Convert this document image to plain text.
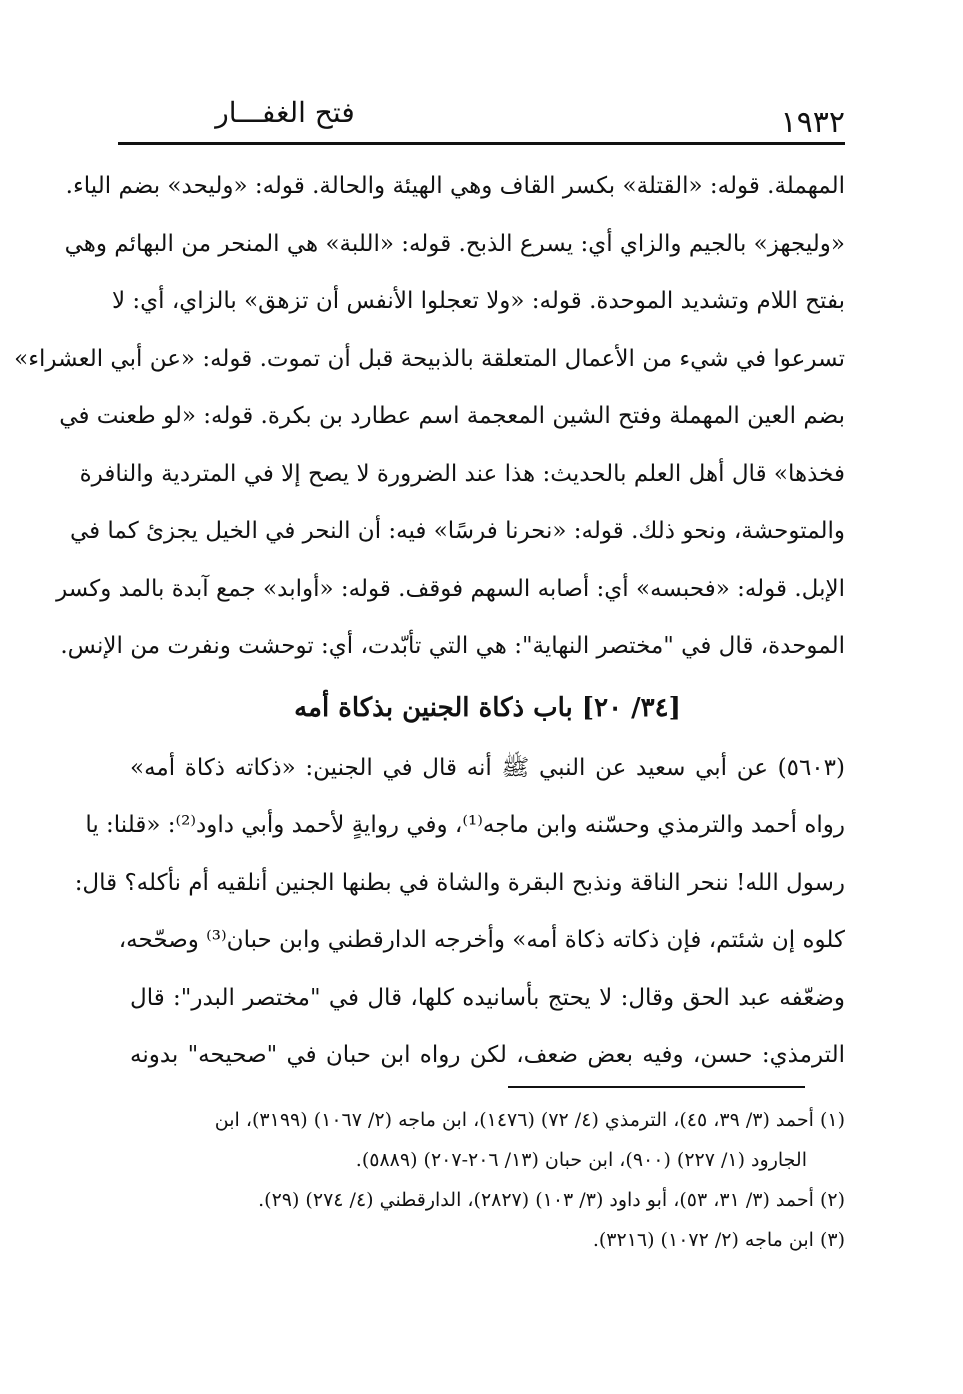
فتح الغفـــار	١٩٣٢
المهملة. قوله: «القتلة» بكسر القاف وهي الهيئة والحالة. قوله: «وليحد» بضم الياء.
«وليجهز» بالجيم والزاي أي: يسرع الذبح. قوله: «اللبة» هي المنحر من البهائم وهي
بفتح اللام وتشديد الموحدة. قوله: «ولا تعجلوا الأنفس أن تزهق» بالزاي، أي: لا
تسرعوا في شيء من الأعمال المتعلقة بالذبيحة قبل أن تموت. قوله: «عن أبي العشراء»
بضم العين المهملة وفتح الشين المعجمة اسم عطارد بن بكرة. قوله: «لو طعنت في
فخذها» قال أهل العلم بالحديث: هذا عند الضرورة لا يصح إلا في المتردية والنافرة
والمتوحشة، ونحو ذلك. قوله: «نحرنا فرسًا» فيه: أن النحر في الخيل يجزئ كما في
الإبل. قوله: «فحبسه» أي: أصابه السهم فوقف. قوله: «أوابد» جمع آبدة بالمد وكسر
الموحدة، قال في "مختصر النهاية": هي التي تأبّدت، أي: توحشت ونفرت من الإنس.
[٣٤/ ٢٠] باب ذكاة الجنين بذكاة أمه
(٥٦٠٣) عن أبي سعيد عن النبي ﷺ أنه قال في الجنين: «ذكاته ذكاة أمه»
رواه أحمد والترمذي وحسّنه وابن ماجه⁽¹⁾، وفي روايةٍ لأحمد وأبي داود⁽²⁾: «قلنا: يا
رسول الله! ننحر الناقة ونذبح البقرة والشاة في بطنها الجنين أنلقيه أم نأكله؟ قال:
كلوه إن شئتم، فإن ذكاته ذكاة أمه» وأخرجه الدارقطني وابن حبان⁽³⁾ وصحّحه،
وضعّفه عبد الحق وقال: لا يحتج بأسانيده كلها، قال في "مختصر البدر": قال
الترمذي: حسن، وفيه بعض ضعف، لكن رواه ابن حبان في "صحيحه" بدونه
(١) أحمد (٣/ ٣٩، ٤٥)، الترمذي (٤/ ٧٢) (١٤٧٦)، ابن ماجه (٢/ ١٠٦٧) (٣١٩٩)، ابن
الجارود (١/ ٢٢٧) (٩٠٠)، ابن حبان (١٣/ ٢٠٦-٢٠٧) (٥٨٨٩).
(٢) أحمد (٣/ ٣١، ٥٣)، أبو داود (٣/ ١٠٣) (٢٨٢٧)، الدارقطني (٤/ ٢٧٤) (٢٩).
(٣) ابن ماجه (٢/ ١٠٧٢) (٣٢١٦).
